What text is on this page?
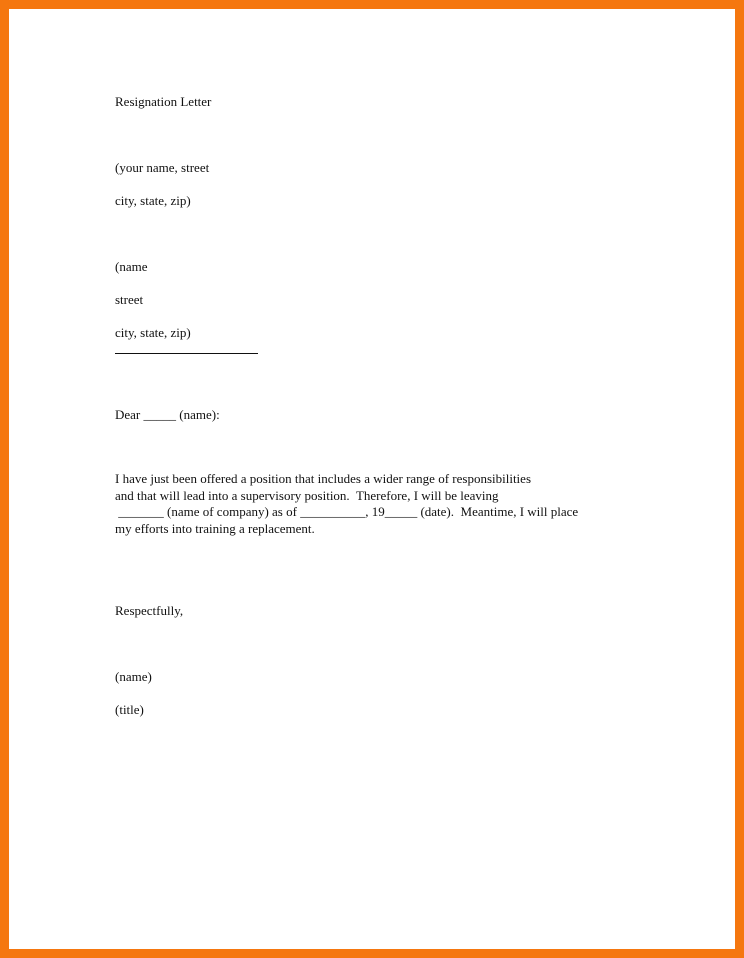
Resignation Letter

(your name, street

city, state, zip)

(name

street

city, state, zip)

Dear _____ (name):

I have just been offered a position that includes a wider range of responsibilities
and that will lead into a supervisory position.  Therefore, I will be leaving
_______ (name of company) as of __________, 19_____ (date).  Meantime, I will place
my efforts into training a replacement.

Respectfully,

(name)

(title)
